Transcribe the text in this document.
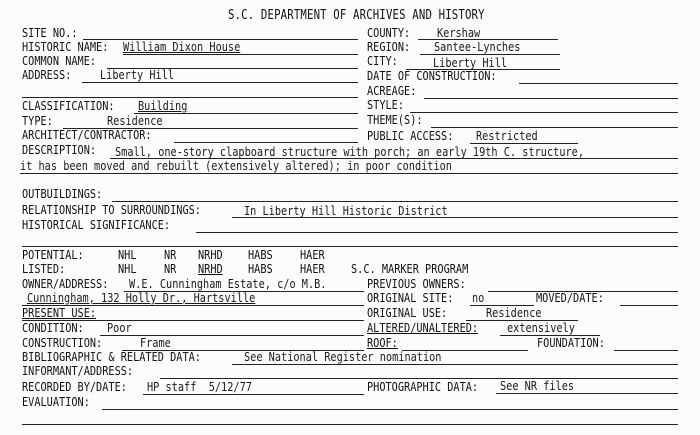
S.C. DEPARTMENT OF ARCHIVES AND HISTORY
SITE NO.:	COUNTY: Kershaw
HISTORIC NAME: William Dixon House	REGION: Santee-Lynches
COMMON NAME:	CITY:	Liberty Hill
ADDRESS: Liberty Hill	DATE OF CONSTRUCTION:
ACREAGE:
CLASSIFICATION: Building	STYLE:
TYPE:	Residence	THEME(S):
ARCHITECT/CONTRACTOR:	PUBLIC ACCESS: Restricted
DESCRIPTION: Small, one-story clapboard structure with porch; an early 19th C. structure,
it has been moved and rebuilt (extensively altered); in poor condition
OUTBUILDINGS:
RELATIONSHIP TO SURROUNDINGS:	In Liberty Hill Historic District
HISTORICAL SIGNIFICANCE:
POTENTIAL:	NHL NR NRHD HABS HAER
LISTED:	NHL NR NRHD HABS HAER S.C. MARKER PROGRAM
OWNER/ADDRESS: W.E. Cunningham Estate, c/o M.B.	PREVIOUS OWNERS:
Cunningham, 132 Holly Dr., Hartsville	ORIGINAL SITE: no	MOVED/DATE:
PRESENT USE:	ORIGINAL USE:	Residence
CONDITION: Poor	ALTERED/UNALTERED: extensively
CONSTRUCTION:	Frame	ROOF:	FOUNDATION:
BIBLIOGRAPHIC & RELATED DATA:	See National Register nomination
INFORMANT/ADDRESS:
RECORDED BY/DATE: HP staff  5/12/77	PHOTOGRAPHIC DATA: See NR files
EVALUATION:
